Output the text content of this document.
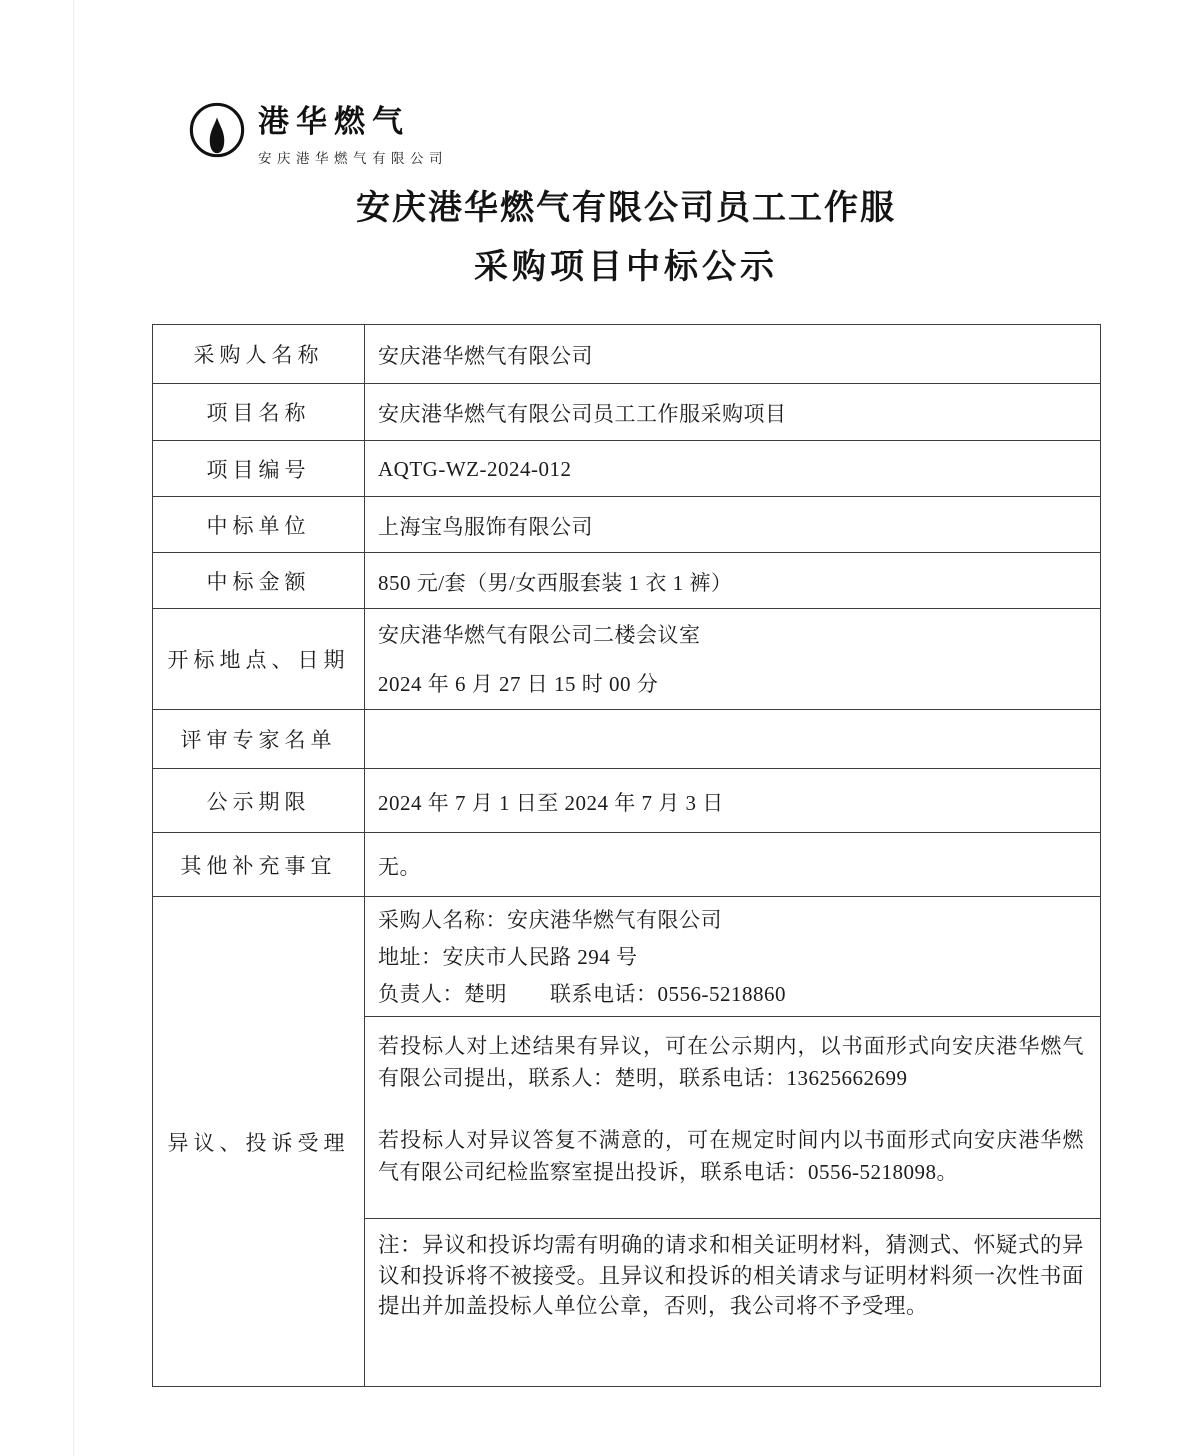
港华燃气
安庆港华燃气有限公司
安庆港华燃气有限公司员工工作服
采购项目中标公示
采购人名称	安庆港华燃气有限公司
项目名称	安庆港华燃气有限公司员工工作服采购项目
项目编号	AQTG-WZ-2024-012
中标单位	上海宝鸟服饰有限公司
中标金额	850 元/套（男/女西服套装 1 衣 1 裤）
开标地点、日期	安庆港华燃气有限公司二楼会议室
2024 年 6 月 27 日 15 时 00 分

评审专家名单	
公示期限	2024 年 7 月 1 日至 2024 年 7 月 3 日
其他补充事宜	无。
异议、投诉受理	采购人名称：安庆港华燃气有限公司
地址：安庆市人民路 294 号
负责人：楚明　　联系电话：0556-5218860

	若投标人对上述结果有异议，可在公示期内，以书面形式向安庆港华燃气有限公司提出，联系人：楚明，联系电话：13625662699

若投标人对异议答复不满意的，可在规定时间内以书面形式向安庆港华燃气有限公司纪检监察室提出投诉，联系电话：0556-5218098。

	注：异议和投诉均需有明确的请求和相关证明材料，猜测式、怀疑式的异议和投诉将不被接受。且异议和投诉的相关请求与证明材料须一次性书面提出并加盖投标人单位公章，否则，我公司将不予受理。
